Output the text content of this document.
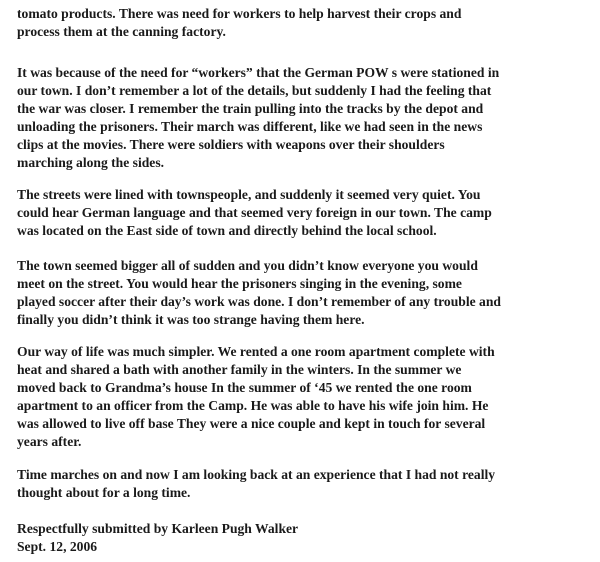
tomato products. There was need for workers to help harvest their crops and
process them at the canning factory.

It was because of the need for “workers” that the German POW s were stationed in
our town. I don’t remember a lot of the details, but suddenly I had the feeling that
the war was closer. I remember the train pulling into the tracks by the depot and
unloading the prisoners. Their march was different, like we had seen in the news
clips at the movies. There were soldiers with weapons over their shoulders
marching along the sides.

The streets were lined with townspeople, and suddenly it seemed very quiet. You
could hear German language and that seemed very foreign in our town. The camp
was located on the East side of town and directly behind the local school.

The town seemed bigger all of sudden and you didn’t know everyone you would
meet on the street. You would hear the prisoners singing in the evening, some
played soccer after their day’s work was done. I don’t remember of any trouble and
finally you didn’t think it was too strange having them here.

Our way of life was much simpler. We rented a one room apartment complete with
heat and shared a bath with another family in the winters. In the summer we
moved back to Grandma’s house In the summer of ‘45 we rented the one room
apartment to an officer from the Camp. He was able to have his wife join him. He
was allowed to live off base They were a nice couple and kept in touch for several
years after.

Time marches on and now I am looking back at an experience that I had not really
thought about for a long time.

Respectfully submitted by Karleen Pugh Walker
Sept. 12, 2006
